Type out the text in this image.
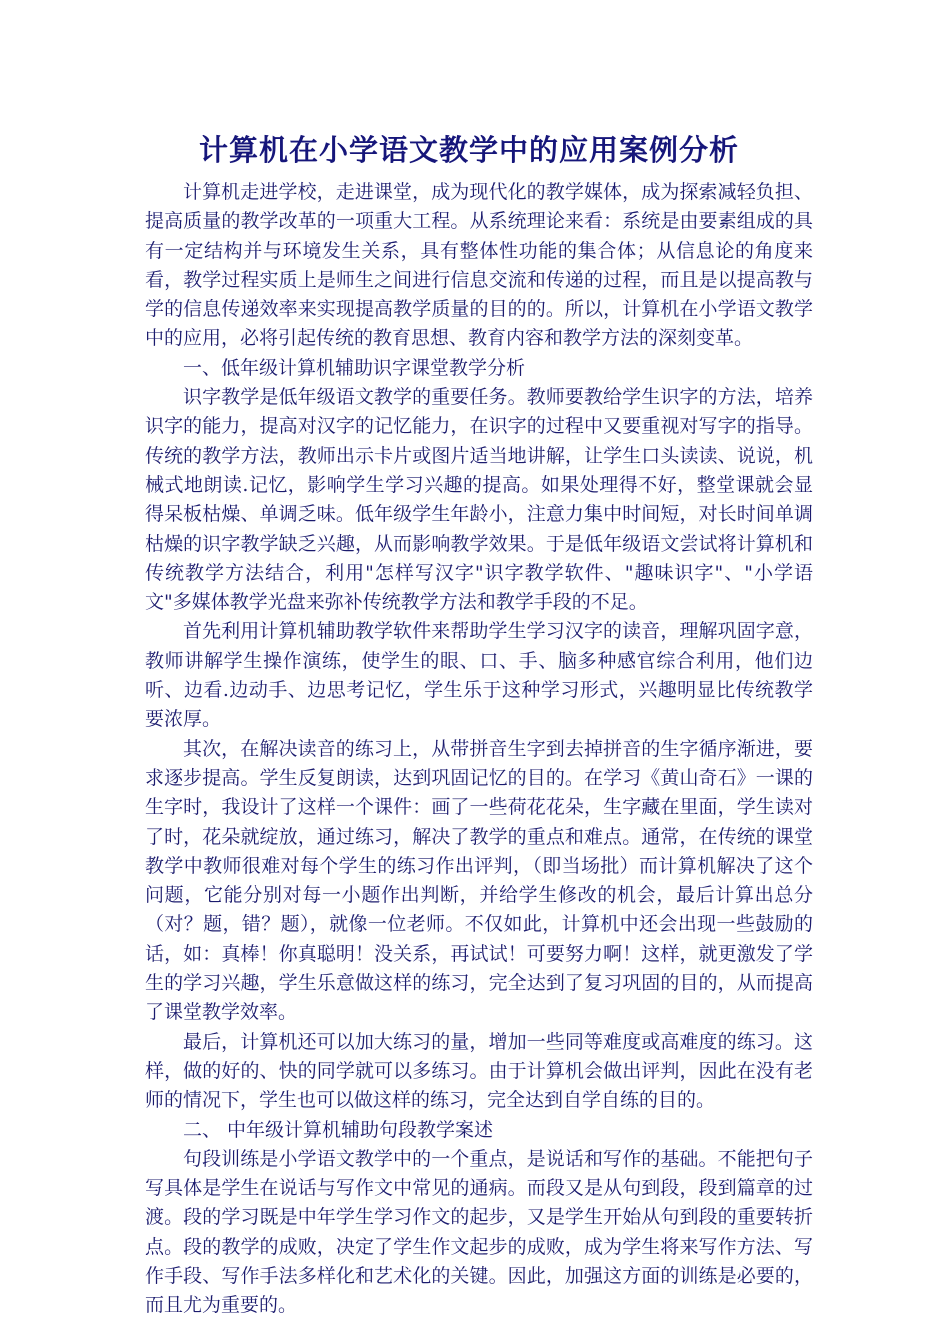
计算机在小学语文教学中的应用案例分析

计算机走进学校，走进课堂，成为现代化的教学媒体，成为探索减轻负担、提高质量的教学改革的一项重大工程。从系统理论来看：系统是由要素组成的具有一定结构并与环境发生关系，具有整体性功能的集合体；从信息论的角度来看，教学过程实质上是师生之间进行信息交流和传递的过程，而且是以提高教与学的信息传递效率来实现提高教学质量的目的的。所以，计算机在小学语文教学中的应用，必将引起传统的教育思想、教育内容和教学方法的深刻变革。

一、低年级计算机辅助识字课堂教学分析

识字教学是低年级语文教学的重要任务。教师要教给学生识字的方法，培养识字的能力，提高对汉字的记忆能力，在识字的过程中又要重视对写字的指导。传统的教学方法，教师出示卡片或图片适当地讲解，让学生口头读读、说说，机械式地朗读.记忆，影响学生学习兴趣的提高。如果处理得不好，整堂课就会显得呆板枯燥、单调乏味。低年级学生年龄小，注意力集中时间短，对长时间单调枯燥的识字教学缺乏兴趣，从而影响教学效果。于是低年级语文尝试将计算机和传统教学方法结合，利用"怎样写汉字"识字教学软件、"趣味识字"、"小学语文"多媒体教学光盘来弥补传统教学方法和教学手段的不足。

首先利用计算机辅助教学软件来帮助学生学习汉字的读音，理解巩固字意，教师讲解学生操作演练，使学生的眼、口、手、脑多种感官综合利用，他们边听、边看.边动手、边思考记忆，学生乐于这种学习形式，兴趣明显比传统教学要浓厚。

其次，在解决读音的练习上，从带拼音生字到去掉拼音的生字循序渐进，要求逐步提高。学生反复朗读，达到巩固记忆的目的。在学习《黄山奇石》一课的生字时，我设计了这样一个课件：画了一些荷花花朵，生字藏在里面，学生读对了时，花朵就绽放，通过练习，解决了教学的重点和难点。通常，在传统的课堂教学中教师很难对每个学生的练习作出评判，（即当场批）而计算机解决了这个问题，它能分别对每一小题作出判断，并给学生修改的机会，最后计算出总分（对？题，错？题），就像一位老师。不仅如此，计算机中还会出现一些鼓励的话，如：真棒！你真聪明！没关系，再试试！可要努力啊！这样，就更激发了学生的学习兴趣，学生乐意做这样的练习，完全达到了复习巩固的目的，从而提高了课堂教学效率。

最后，计算机还可以加大练习的量，增加一些同等难度或高难度的练习。这样，做的好的、快的同学就可以多练习。由于计算机会做出评判，因此在没有老师的情况下，学生也可以做这样的练习，完全达到自学自练的目的。

二、 中年级计算机辅助句段教学案述

句段训练是小学语文教学中的一个重点，是说话和写作的基础。不能把句子写具体是学生在说话与写作文中常见的通病。而段又是从句到段，段到篇章的过渡。段的学习既是中年学生学习作文的起步，又是学生开始从句到段的重要转折点。段的教学的成败，决定了学生作文起步的成败，成为学生将来写作方法、写作手段、写作手法多样化和艺术化的关键。因此，加强这方面的训练是必要的，而且尤为重要的。
